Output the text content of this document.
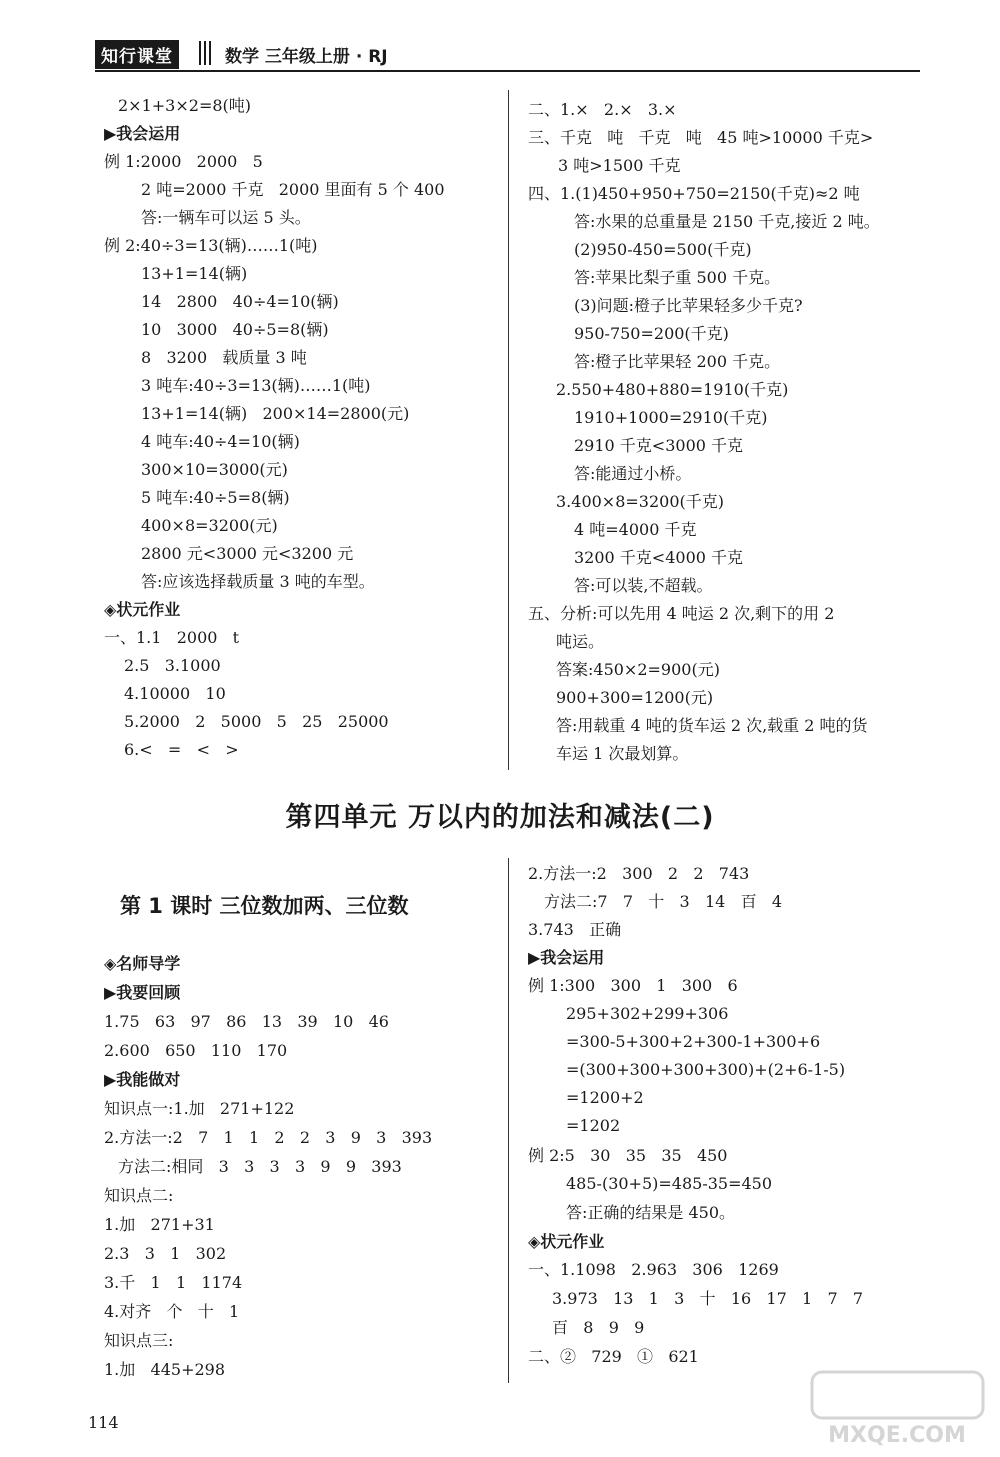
知行课堂	数学 三年级上册 · RJ
2×1+3×2=8(吨)
▶我会运用
例 1:2000   2000   5
2 吨=2000 千克   2000 里面有 5 个 400
答:一辆车可以运 5 头。
例 2:40÷3=13(辆)……1(吨)
13+1=14(辆)
14   2800   40÷4=10(辆)
10   3000   40÷5=8(辆)
8   3200   载质量 3 吨
3 吨车:40÷3=13(辆)……1(吨)
13+1=14(辆)   200×14=2800(元)
4 吨车:40÷4=10(辆)
300×10=3000(元)
5 吨车:40÷5=8(辆)
400×8=3200(元)
2800 元<3000 元<3200 元
答:应该选择载质量 3 吨的车型。
◈状元作业
一、1.1   2000   t
2.5   3.1000
4.10000   10
5.2000   2   5000   5   25   25000
6.<   =   <   >
二、1.×   2.×   3.×
三、千克   吨   千克   吨   45 吨>10000 千克>
3 吨>1500 千克
四、1.(1)450+950+750=2150(千克)≈2 吨
答:水果的总重量是 2150 千克,接近 2 吨。
(2)950-450=500(千克)
答:苹果比梨子重 500 千克。
(3)问题:橙子比苹果轻多少千克?
950-750=200(千克)
答:橙子比苹果轻 200 千克。
2.550+480+880=1910(千克)
1910+1000=2910(千克)
2910 千克<3000 千克
答:能通过小桥。
3.400×8=3200(千克)
4 吨=4000 千克
3200 千克<4000 千克
答:可以装,不超载。
五、分析:可以先用 4 吨运 2 次,剩下的用 2
吨运。
答案:450×2=900(元)
900+300=1200(元)
答:用载重 4 吨的货车运 2 次,载重 2 吨的货
车运 1 次最划算。
第四单元 万以内的加法和减法(二)
第 1 课时 三位数加两、三位数
◈名师导学
▶我要回顾
1.75   63   97   86   13   39   10   46
2.600   650   110   170
▶我能做对
知识点一:1.加   271+122
2.方法一:2   7   1   1   2   2   3   9   3   393
方法二:相同   3   3   3   3   9   9   393
知识点二:
1.加   271+31
2.3   3   1   302
3.千   1   1   1174
4.对齐   个   十   1
知识点三:
1.加   445+298
2.方法一:2   300   2   2   743
方法二:7   7   十   3   14   百   4
3.743   正确
▶我会运用
例 1:300   300   1   300   6
295+302+299+306
=300-5+300+2+300-1+300+6
=(300+300+300+300)+(2+6-1-5)
=1200+2
=1202
例 2:5   30   35   35   450
485-(30+5)=485-35=450
答:正确的结果是 450。
◈状元作业
一、1.1098   2.963   306   1269
3.973   13   1   3   十   16   17   1   7   7
百   8   9   9
二、②   729   ①   621
114
MXQE.COM
